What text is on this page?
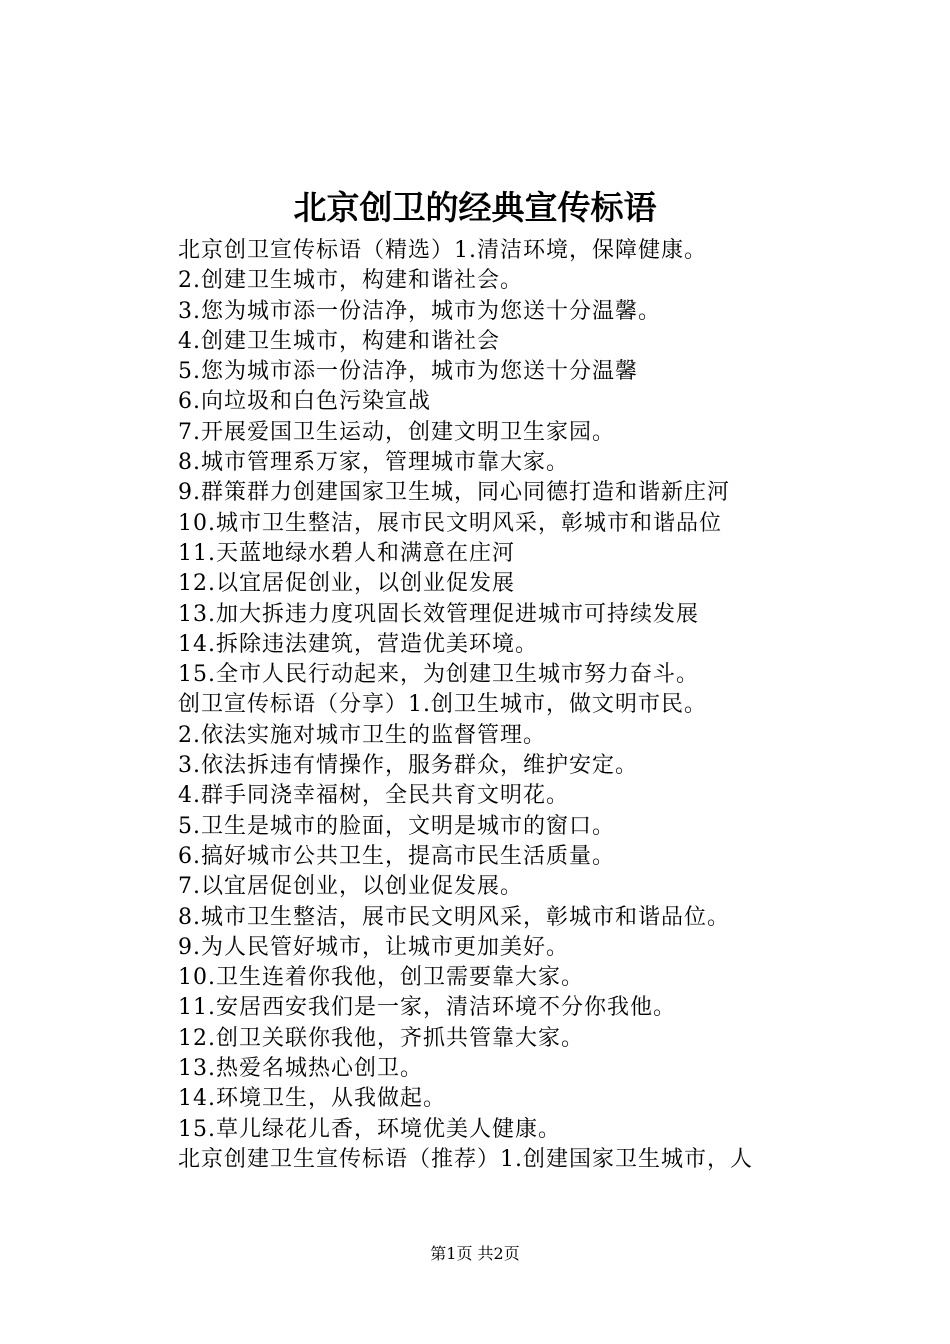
北京创卫的经典宣传标语
北京创卫宣传标语（精选）1.清洁环境，保障健康。
2.创建卫生城市，构建和谐社会。
3.您为城市添一份洁净，城市为您送十分温馨。
4.创建卫生城市，构建和谐社会
5.您为城市添一份洁净，城市为您送十分温馨
6.向垃圾和白色污染宣战
7.开展爱国卫生运动，创建文明卫生家园。
8.城市管理系万家，管理城市靠大家。
9.群策群力创建国家卫生城，同心同德打造和谐新庄河
10.城市卫生整洁，展市民文明风采，彰城市和谐品位
11.天蓝地绿水碧人和满意在庄河
12.以宜居促创业，以创业促发展
13.加大拆违力度巩固长效管理促进城市可持续发展
14.拆除违法建筑，营造优美环境。
15.全市人民行动起来，为创建卫生城市努力奋斗。
创卫宣传标语（分享）1.创卫生城市，做文明市民。
2.依法实施对城市卫生的监督管理。
3.依法拆违有情操作，服务群众，维护安定。
4.群手同浇幸福树，全民共育文明花。
5.卫生是城市的脸面，文明是城市的窗口。
6.搞好城市公共卫生，提高市民生活质量。
7.以宜居促创业，以创业促发展。
8.城市卫生整洁，展市民文明风采，彰城市和谐品位。
9.为人民管好城市，让城市更加美好。
10.卫生连着你我他，创卫需要靠大家。
11.安居西安我们是一家，清洁环境不分你我他。
12.创卫关联你我他，齐抓共管靠大家。
13.热爱名城热心创卫。
14.环境卫生，从我做起。
15.草儿绿花儿香，环境优美人健康。
北京创建卫生宣传标语（推荐）1.创建国家卫生城市，人
第1页 共2页
